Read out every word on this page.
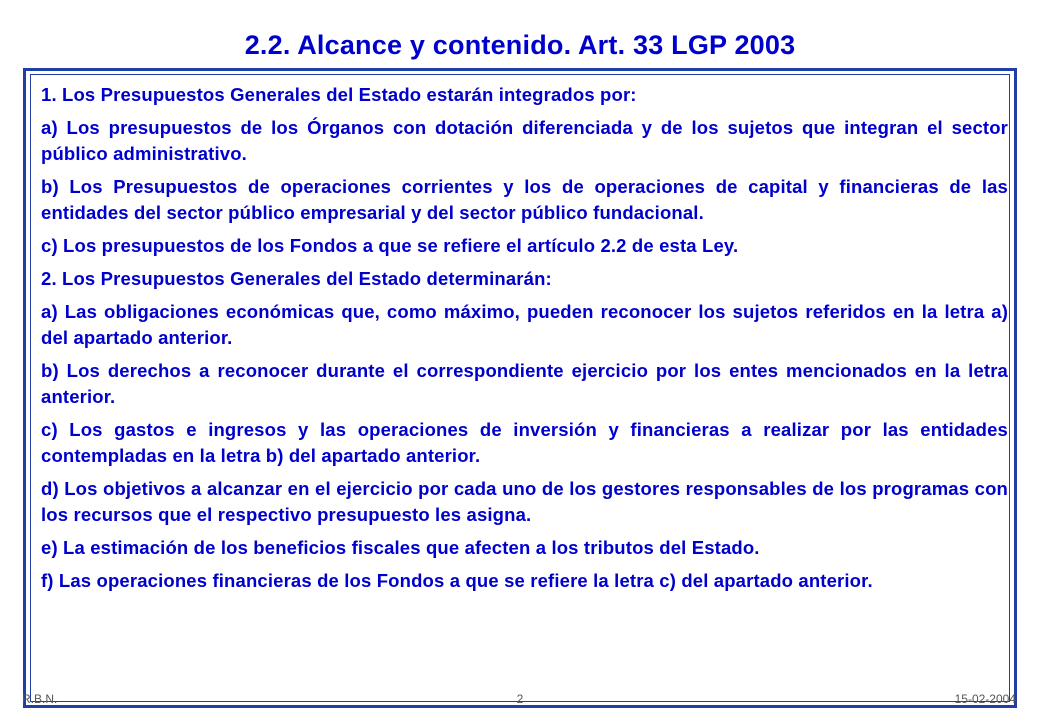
2.2. Alcance y contenido. Art. 33 LGP 2003

1. Los Presupuestos Generales del Estado estarán integrados por:

a) Los presupuestos de los Órganos con dotación diferenciada y de los sujetos que integran el sector público administrativo.

b) Los Presupuestos de operaciones corrientes y los de operaciones de capital y financieras de las entidades del sector público empresarial y del sector público fundacional.

c) Los presupuestos de los Fondos a que se refiere el artículo 2.2 de esta Ley.

2. Los Presupuestos Generales del Estado determinarán:

a) Las obligaciones económicas que, como máximo, pueden reconocer los sujetos referidos en la letra a) del apartado anterior.

b) Los derechos a reconocer durante el correspondiente ejercicio por los entes mencionados en la letra anterior.

c) Los gastos e ingresos y las operaciones de inversión y financieras a realizar por las entidades contempladas en la letra b) del apartado anterior.

d) Los objetivos a alcanzar en el ejercicio por cada uno de los gestores responsables de los programas con los recursos que el respectivo presupuesto les asigna.

e) La estimación de los beneficios fiscales que afecten a los tributos del Estado.

f) Las operaciones financieras de los Fondos a que se refiere la letra c) del apartado anterior.

R.B.N.	2	15-02-2004
